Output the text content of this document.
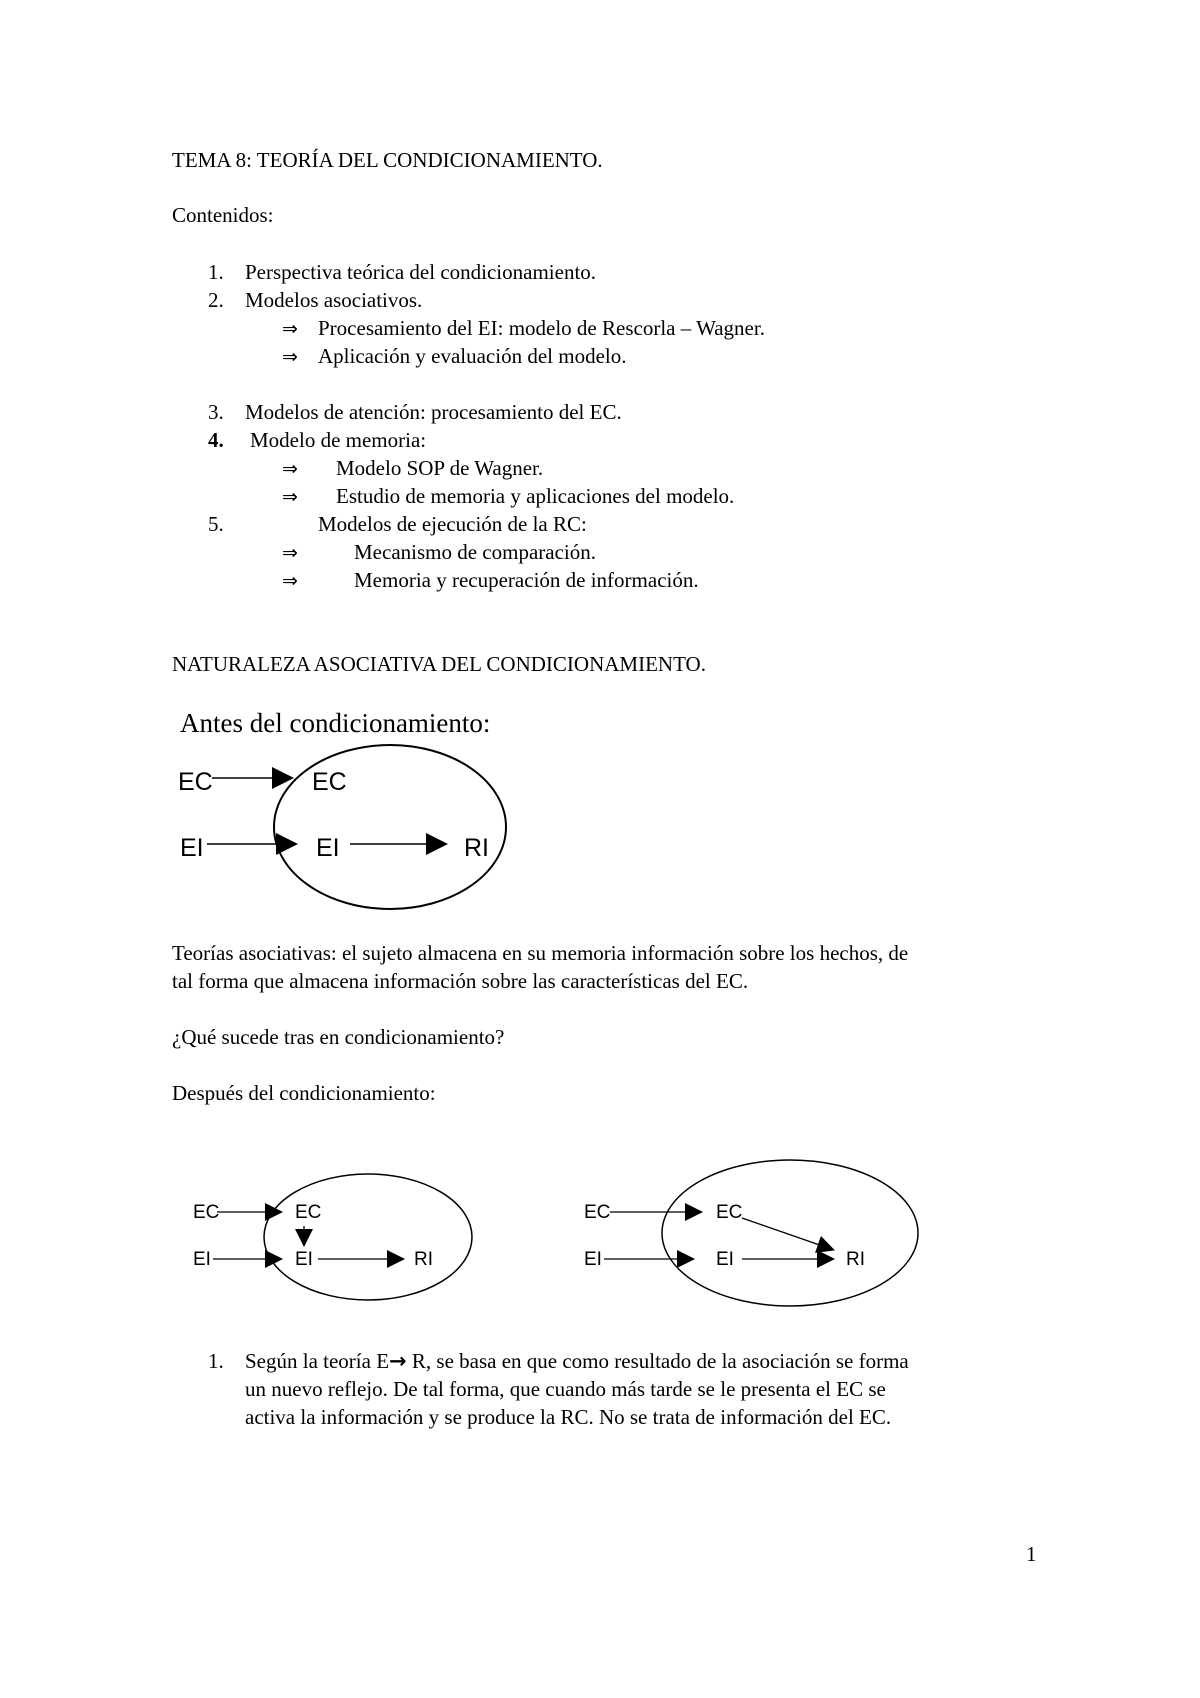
TEMA 8: TEORÍA DEL CONDICIONAMIENTO.
Contenidos:
1. Perspectiva teórica del condicionamiento.
2. Modelos asociativos.
⇒ Procesamiento del EI: modelo de Rescorla – Wagner.
⇒ Aplicación y evaluación del modelo.
3. Modelos de atención: procesamiento del EC.
4. Modelo de memoria:
⇒ Modelo SOP de Wagner.
⇒ Estudio de memoria y aplicaciones del modelo.
5.	Modelos de ejecución de la RC:
⇒	Mecanismo de comparación.
⇒	Memoria y recuperación de información.
NATURALEZA ASOCIATIVA DEL CONDICIONAMIENTO.
Antes del condicionamiento:
EC	EC
EI	EI	RI
Teorías asociativas: el sujeto almacena en su memoria información sobre los hechos, de
tal forma que almacena información sobre las características del EC.
¿Qué sucede tras en condicionamiento?
Después del condicionamiento:
EC	EC
EI	EI	RI
EC	EC
EI	EI	RI
1. Según la teoría E→ R, se basa en que como resultado de la asociación se forma
un nuevo reflejo. De tal forma, que cuando más tarde se le presenta el EC se
activa la información y se produce la RC. No se trata de información del EC.
1
